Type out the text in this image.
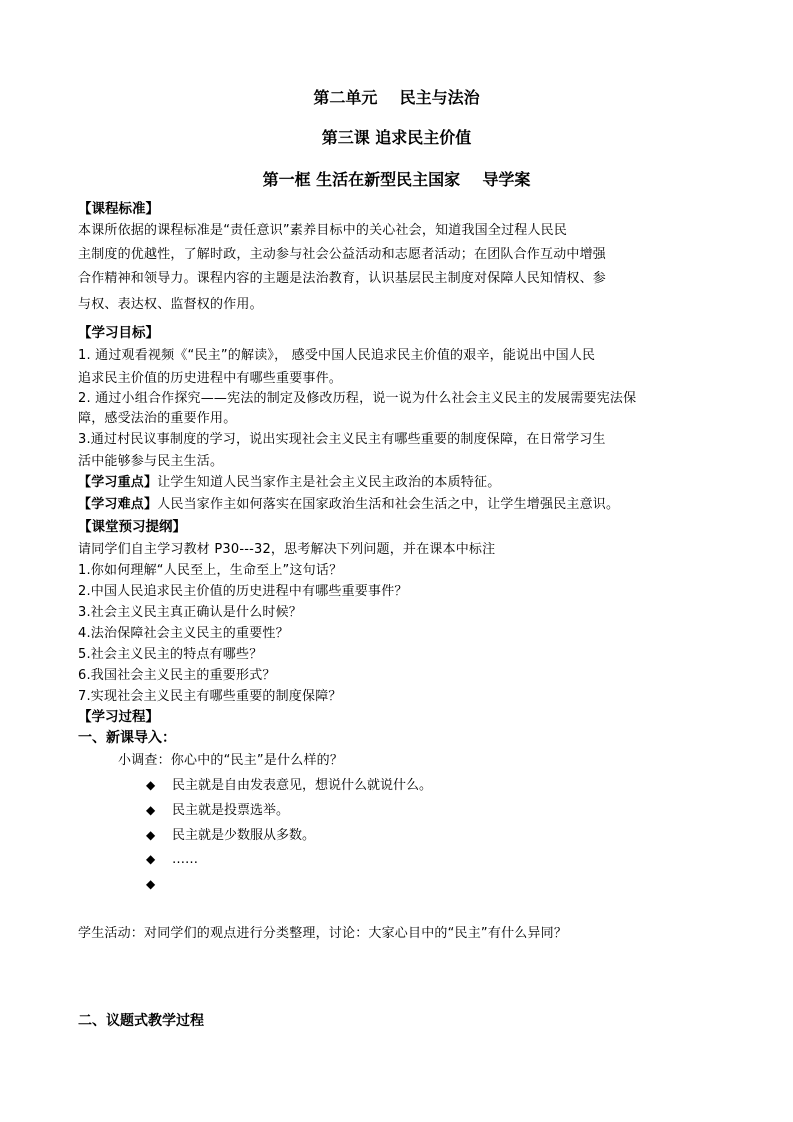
第二单元    民主与法治
第三课 追求民主价值
第一框 生活在新型民主国家    导学案
【课程标准】
本课所依据的课程标准是“责任意识”素养目标中的关心社会，知道我国全过程人民民
主制度的优越性，了解时政，主动参与社会公益活动和志愿者活动；在团队合作互动中增强
合作精神和领导力。课程内容的主题是法治教育，认识基层民主制度对保障人民知情权、参
与权、表达权、监督权的作用。
【学习目标】
1. 通过观看视频《“民主”的解读》， 感受中国人民追求民主价值的艰辛，能说出中国人民
追求民主价值的历史进程中有哪些重要事件。
2. 通过小组合作探究——宪法的制定及修改历程，说一说为什么社会主义民主的发展需要宪法保
障，感受法治的重要作用。
3.通过村民议事制度的学习，说出实现社会主义民主有哪些重要的制度保障，在日常学习生
活中能够参与民主生活。
【学习重点】让学生知道人民当家作主是社会主义民主政治的本质特征。
【学习难点】人民当家作主如何落实在国家政治生活和社会生活之中，让学生增强民主意识。
【课堂预习提纲】
请同学们自主学习教材 P30---32，思考解决下列问题，并在课本中标注
1.你如何理解“人民至上，生命至上”这句话？
2.中国人民追求民主价值的历史进程中有哪些重要事件？
3.社会主义民主真正确认是什么时候？
4.法治保障社会主义民主的重要性？
5.社会主义民主的特点有哪些？
6.我国社会主义民主的重要形式？
7.实现社会主义民主有哪些重要的制度保障？
【学习过程】
一、新课导入：
小调查：你心中的“民主”是什么样的？
◆ 民主就是自由发表意见，想说什么就说什么。
◆ 民主就是投票选举。
◆ 民主就是少数服从多数。
◆ ……
◆
学生活动：对同学们的观点进行分类整理，讨论：大家心目中的“民主”有什么异同？
二、议题式教学过程
